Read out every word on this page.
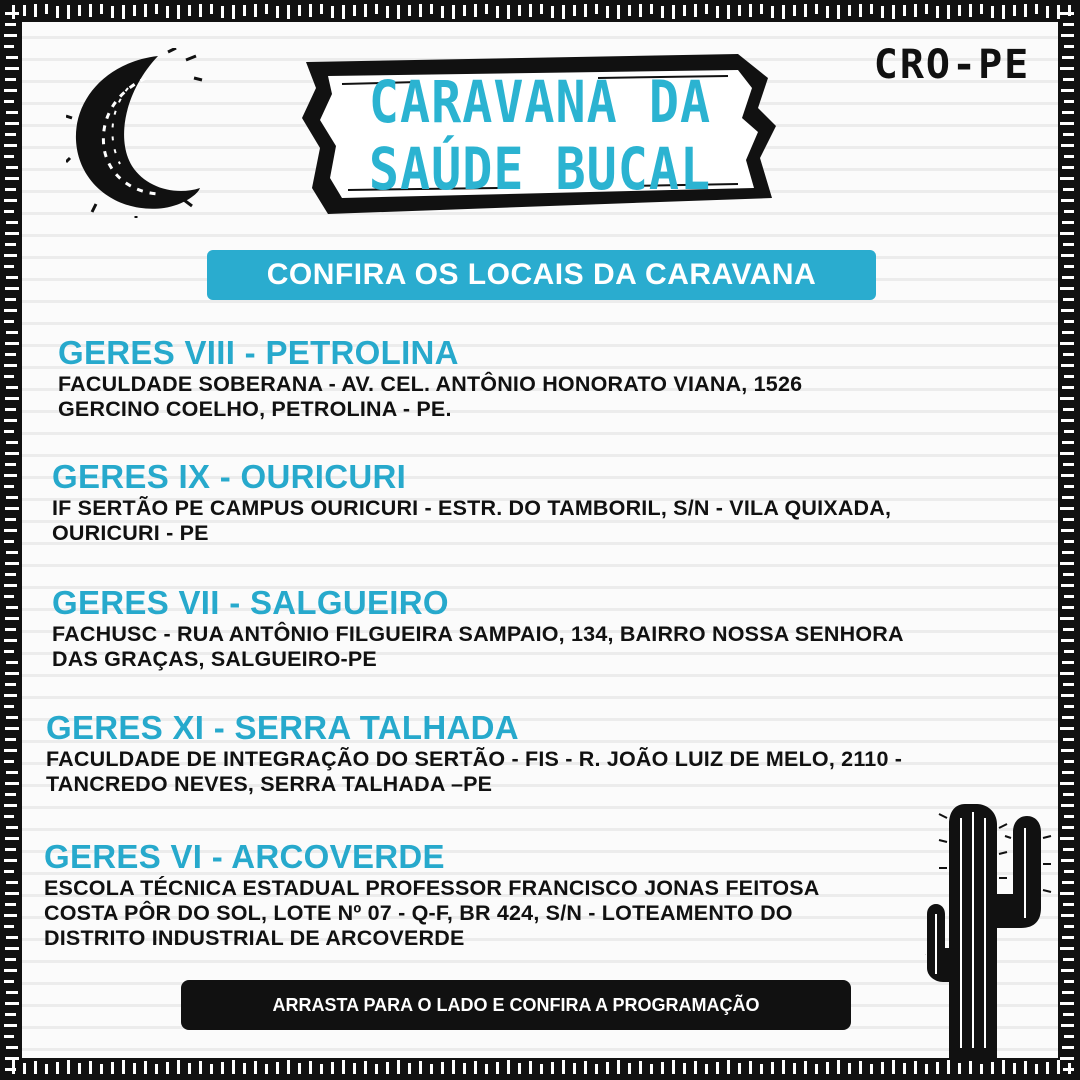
CARAVANA DA
SAÚDE BUCAL
CRO-PE
CONFIRA OS LOCAIS DA CARAVANA
GERES VIII - PETROLINA
FACULDADE SOBERANA - AV. CEL. ANTÔNIO HONORATO VIANA, 1526
GERCINO COELHO, PETROLINA - PE.
GERES IX - OURICURI
IF SERTÃO PE CAMPUS OURICURI - ESTR. DO TAMBORIL, S/N - VILA QUIXADA,
OURICURI - PE
GERES VII - SALGUEIRO
FACHUSC - RUA ANTÔNIO FILGUEIRA SAMPAIO, 134, BAIRRO NOSSA SENHORA
DAS GRAÇAS, SALGUEIRO-PE
GERES XI - SERRA TALHADA
FACULDADE DE INTEGRAÇÃO DO SERTÃO - FIS - R. JOÃO LUIZ DE MELO, 2110 -
TANCREDO NEVES, SERRA TALHADA –PE
GERES VI - ARCOVERDE
ESCOLA TÉCNICA ESTADUAL PROFESSOR FRANCISCO JONAS FEITOSA
COSTA PÔR DO SOL, LOTE Nº 07 - Q-F, BR 424, S/N - LOTEAMENTO DO
DISTRITO INDUSTRIAL DE ARCOVERDE
ARRASTA PARA O LADO E CONFIRA A PROGRAMAÇÃO
